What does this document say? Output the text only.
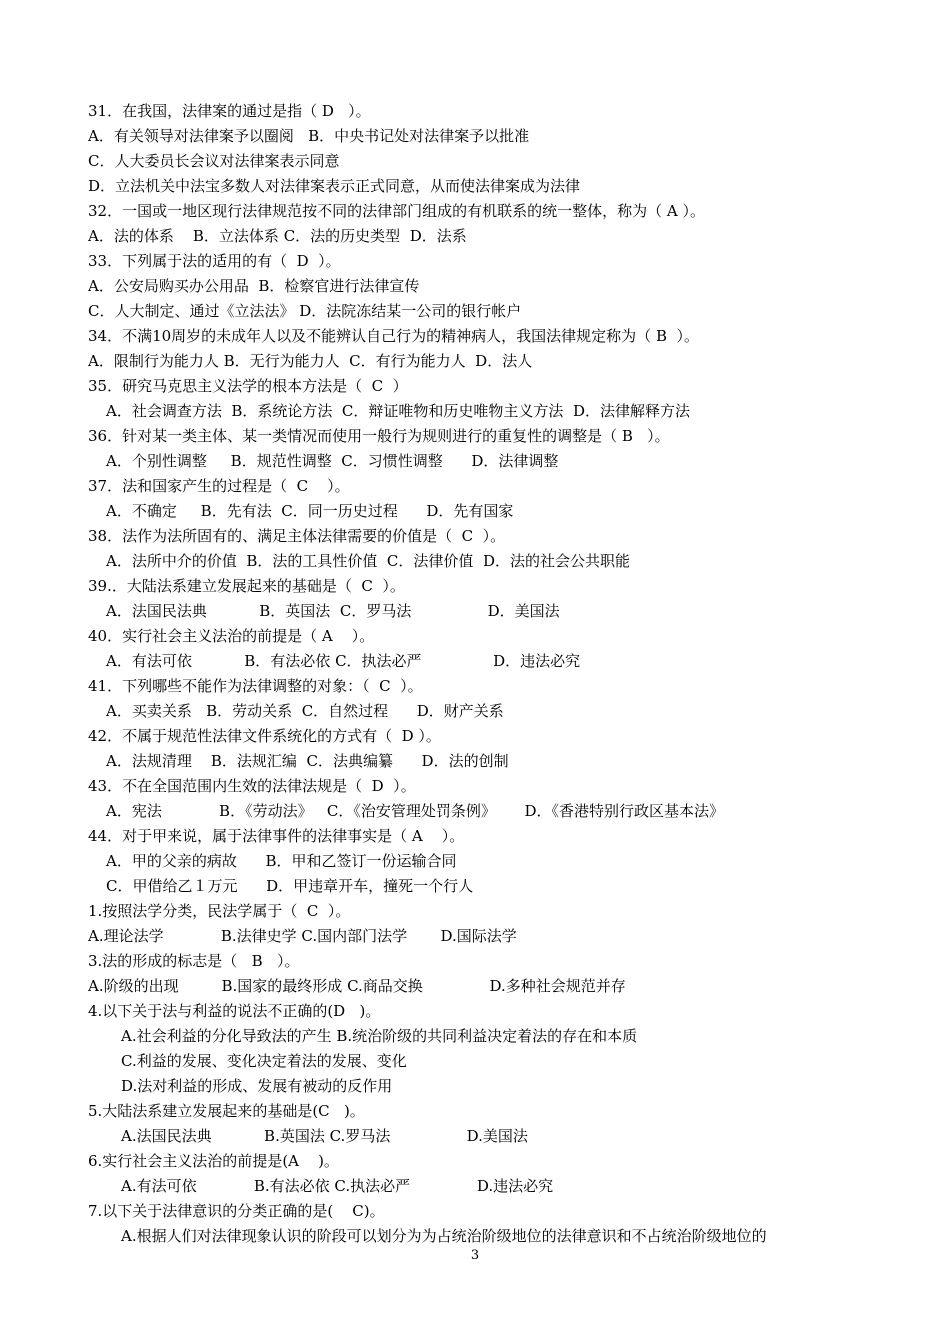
31．在我国，法律案的通过是指（ D   ）。
A．有关领导对法律案予以圈阅   B．中央书记处对法律案予以批准
C．人大委员长会议对法律案表示同意
D．立法机关中法宝多数人对法律案表示正式同意，从而使法律案成为法律
32．一国或一地区现行法律规范按不同的法律部门组成的有机联系的统一整体，称为（ A ）。
A．法的体系    B．立法体系 C．法的历史类型  D．法系
33．下列属于法的适用的有（  D  ）。
A．公安局购买办公用品  B．检察官进行法律宣传
C．人大制定、通过《立法法》 D．法院冻结某一公司的银行帐户
34．不满10周岁的未成年人以及不能辨认自己行为的精神病人，我国法律规定称为（ B  ）。
A．限制行为能力人 B．无行为能力人  C．有行为能力人  D．法人
35．研究马克思主义法学的根本方法是（  C  ）
A．社会调查方法  B．系统论方法  C．辩证唯物和历史唯物主义方法  D．法律解释方法
36．针对某一类主体、某一类情况而使用一般行为规则进行的重复性的调整是（ B   ）。
A．个别性调整     B．规范性调整  C．习惯性调整      D．法律调整
37．法和国家产生的过程是（  C    ）。
A．不确定     B．先有法  C．同一历史过程      D．先有国家
38．法作为法所固有的、满足主体法律需要的价值是（  C  ）。
A．法所中介的价值  B．法的工具性价值  C．法律价值  D．法的社会公共职能
39.．大陆法系建立发展起来的基础是（  C  ）。
A．法国民法典           B．英国法  C．罗马法                D．美国法
40．实行社会主义法治的前提是（ A    ）。
A．有法可依           B．有法必依 C．执法必严               D．违法必究
41．下列哪些不能作为法律调整的对象：（  C  ）。
A．买卖关系   B．劳动关系  C．自然过程      D．财产关系
42．不属于规范性法律文件系统化的方式有（  D ）。
A．法规清理    B．法规汇编  C．法典编纂      D．法的创制
43．不在全国范围内生效的法律法规是（  D  ）。
A．宪法            B．《劳动法》   C．《治安管理处罚条例》      D．《香港特别行政区基本法》
44．对于甲来说，属于法律事件的法律事实是（ A    ）。
A．甲的父亲的病故      B．甲和乙签订一份运输合同
C．甲借给乙１万元      D．甲违章开车，撞死一个行人
1.按照法学分类，民法学属于（  C  ）。
A.理论法学            B.法律史学 C.国内部门法学       D.国际法学
3.法的形成的标志是（   B   ）。
A.阶级的出现         B.国家的最终形成 C.商品交换              D.多种社会规范并存
4.以下关于法与利益的说法不正确的(D   )。
A.社会利益的分化导致法的产生 B.统治阶级的共同利益决定着法的存在和本质
C.利益的发展、变化决定着法的发展、变化
D.法对利益的形成、发展有被动的反作用
5.大陆法系建立发展起来的基础是(C   )。
A.法国民法典           B.英国法 C.罗马法                D.美国法
6.实行社会主义法治的前提是(A    )。
A.有法可依            B.有法必依 C.执法必严              D.违法必究
7.以下关于法律意识的分类正确的是(    C)。
A.根据人们对法律现象认识的阶段可以划分为为占统治阶级地位的法律意识和不占统治阶级地位的
3
